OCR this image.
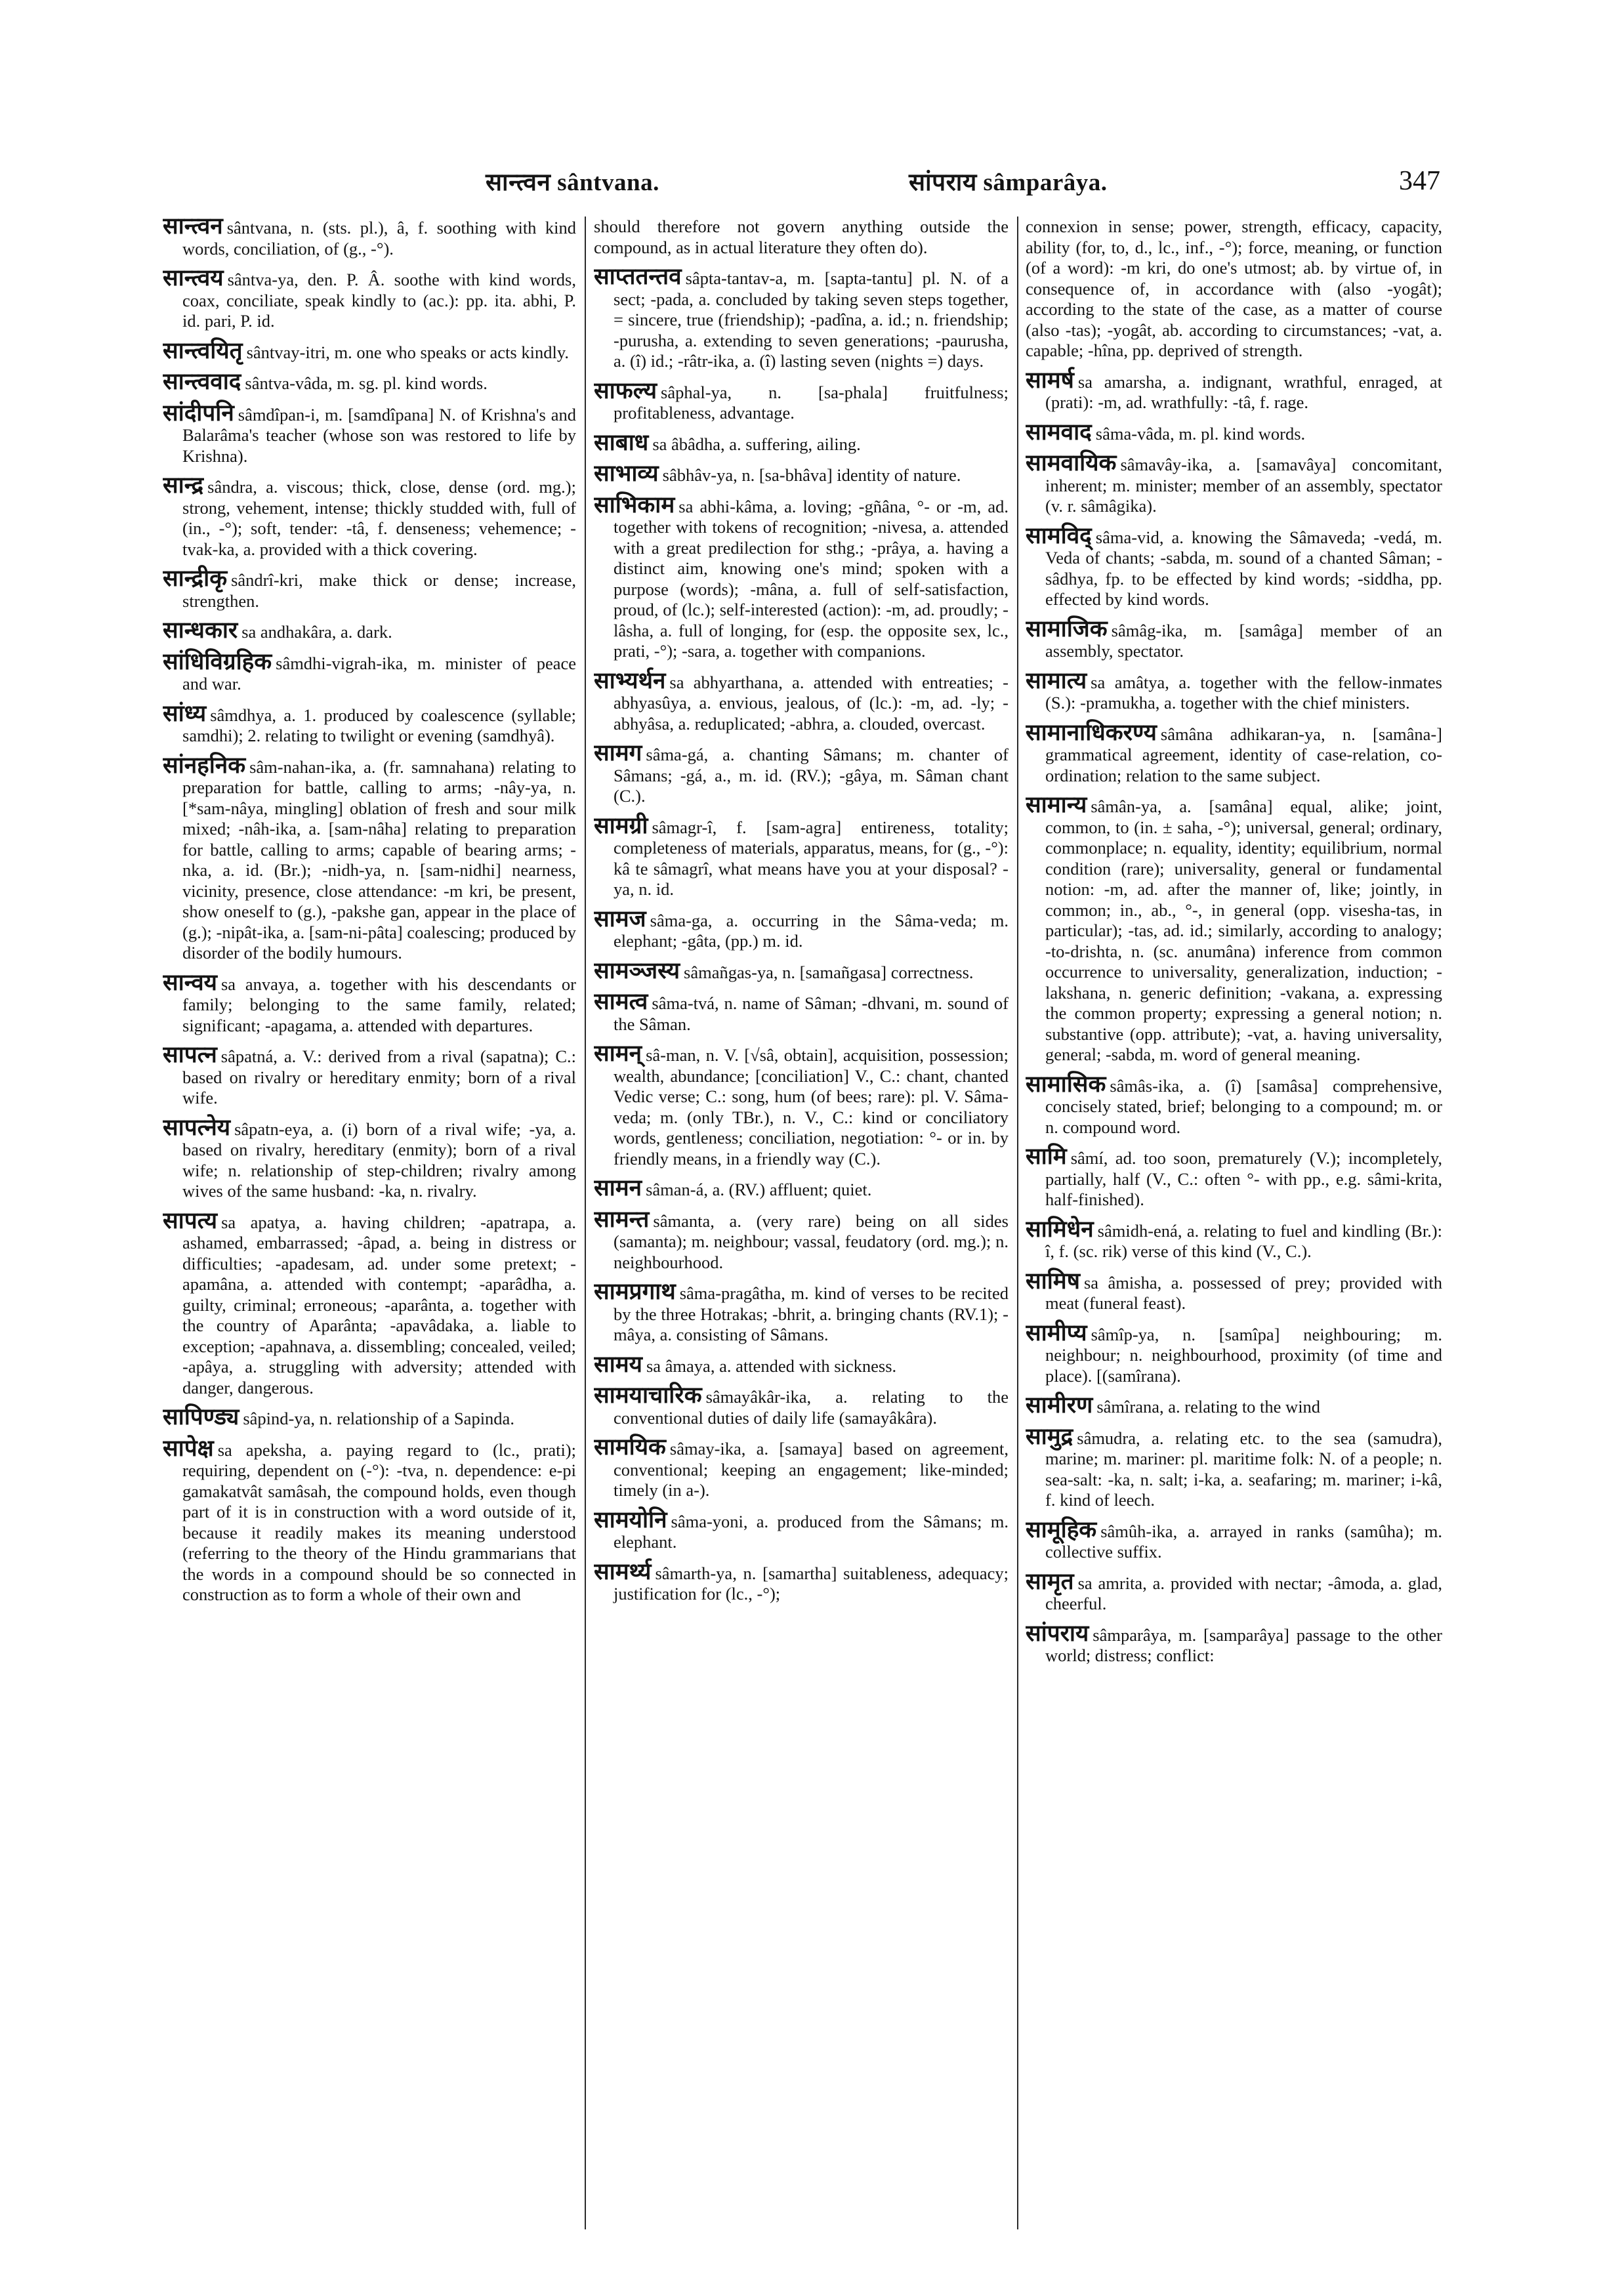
सान्त्वन sântvana.	सांपराय sâmparâya.	347

सान्त्वन sântvana, n. (sts. pl.), â, f. soothing with kind words, conciliation, of (g., -°).

सान्त्वय sântva-ya, den. P. Â. soothe with kind words, coax, conciliate, speak kindly to (ac.): pp. ita. abhi, P. id. pari, P. id.

सान्त्वयितृ sântvay-itri, m. one who speaks or acts kindly.

सान्त्ववाद sântva-vâda, m. sg. pl. kind words.

सांदीपनि sâmdîpan-i, m. [samdîpana] N. of Krishna's and Balarâma's teacher (whose son was restored to life by Krishna).

सान्द्र sândra, a. viscous; thick, close, dense (ord. mg.); strong, vehement, intense; thickly studded with, full of (in., -°); soft, tender: -tâ, f. denseness; vehemence; -tvak-ka, a. provided with a thick covering.

सान्द्रीकृ sândrî-kri, make thick or dense; increase, strengthen.

सान्धकार sa andhakâra, a. dark.

सांधिविग्रहिक sâmdhi-vigrah-ika, m. minister of peace and war.

सांध्य sâmdhya, a. 1. produced by coalescence (syllable; samdhi); 2. relating to twilight or evening (samdhyâ).

सांनहनिक sâm-nahan-ika, a. (fr. samnahana) relating to preparation for battle, calling to arms; -nây-ya, n. [*sam-nâya, mingling] oblation of fresh and sour milk mixed; -nâh-ika, a. [sam-nâha] relating to preparation for battle, calling to arms; capable of bearing arms; -nka, a. id. (Br.); -nidh-ya, n. [sam-nidhi] nearness, vicinity, presence, close attendance: -m kri, be present, show oneself to (g.), -pakshe gan, appear in the place of (g.); -nipât-ika, a. [sam-ni-pâta] coalescing; produced by disorder of the bodily humours.

सान्वय sa anvaya, a. together with his descendants or family; belonging to the same family, related; significant; -apagama, a. attended with departures.

सापत्न sâpatná, a. V.: derived from a rival (sapatna); C.: based on rivalry or hereditary enmity; born of a rival wife.

सापत्नेय sâpatn-eya, a. (i) born of a rival wife; -ya, a. based on rivalry, hereditary (enmity); born of a rival wife; n. relationship of step-children; rivalry among wives of the same husband: -ka, n. rivalry.

सापत्य sa apatya, a. having children; -apatrapa, a. ashamed, embarrassed; -âpad, a. being in distress or difficulties; -apadesam, ad. under some pretext; -apamâna, a. attended with contempt; -aparâdha, a. guilty, criminal; erroneous; -aparânta, a. together with the country of Aparânta; -apavâdaka, a. liable to exception; -apahnava, a. dissembling; concealed, veiled; -apâya, a. struggling with adversity; attended with danger, dangerous.

सापिण्ड्य sâpind-ya, n. relationship of a Sapinda.

सापेक्ष sa apeksha, a. paying regard to (lc., prati); requiring, dependent on (-°): -tva, n. dependence: e-pi gamakatvât samâsah, the compound holds, even though part of it is in construction with a word outside of it, because it readily makes its meaning understood (referring to the theory of the Hindu grammarians that the words in a compound should be so connected in construction as to form a whole of their own and

should therefore not govern anything outside the compound, as in actual literature they often do).

साप्ततन्तव sâpta-tantav-a, m. [sapta-tantu] pl. N. of a sect; -pada, a. concluded by taking seven steps together, = sincere, true (friendship); -padîna, a. id.; n. friendship; -purusha, a. extending to seven generations; -paurusha, a. (î) id.; -râtr-ika, a. (î) lasting seven (nights =) days.

साफल्य sâphal-ya, n. [sa-phala] fruitfulness; profitableness, advantage.

साबाध sa âbâdha, a. suffering, ailing.

साभाव्य sâbhâv-ya, n. [sa-bhâva] identity of nature.

साभिकाम sa abhi-kâma, a. loving; -gñâna, °- or -m, ad. together with tokens of recognition; -nivesa, a. attended with a great predilection for sthg.; -prâya, a. having a distinct aim, knowing one's mind; spoken with a purpose (words); -mâna, a. full of self-satisfaction, proud, of (lc.); self-interested (action): -m, ad. proudly; -lâsha, a. full of longing, for (esp. the opposite sex, lc., prati, -°); -sara, a. together with companions.

साभ्यर्थन sa abhyarthana, a. attended with entreaties; -abhyasûya, a. envious, jealous, of (lc.): -m, ad. -ly; -abhyâsa, a. reduplicated; -abhra, a. clouded, overcast.

सामग sâma-gá, a. chanting Sâmans; m. chanter of Sâmans; -gá, a., m. id. (RV.); -gâya, m. Sâman chant (C.).

सामग्री sâmagr-î, f. [sam-agra] entireness, totality; completeness of materials, apparatus, means, for (g., -°): kâ te sâmagrî, what means have you at your disposal? -ya, n. id.

सामज sâma-ga, a. occurring in the Sâma-veda; m. elephant; -gâta, (pp.) m. id.

सामञ्जस्य sâmañgas-ya, n. [samañgasa] correctness.

सामत्व sâma-tvá, n. name of Sâman; -dhvani, m. sound of the Sâman.

सामन् sâ-man, n. V. [√sâ, obtain], acquisition, possession; wealth, abundance; [conciliation] V., C.: chant, chanted Vedic verse; C.: song, hum (of bees; rare): pl. V. Sâma-veda; m. (only TBr.), n. V., C.: kind or conciliatory words, gentleness; conciliation, negotiation: °- or in. by friendly means, in a friendly way (C.).

सामन sâman-á, a. (RV.) affluent; quiet.

सामन्त sâmanta, a. (very rare) being on all sides (samanta); m. neighbour; vassal, feudatory (ord. mg.); n. neighbourhood.

सामप्रगाथ sâma-pragâtha, m. kind of verses to be recited by the three Hotrakas; -bhrit, a. bringing chants (RV.1); -mâya, a. consisting of Sâmans.

सामय sa âmaya, a. attended with sickness.

सामयाचारिक sâmayâkâr-ika, a. relating to the conventional duties of daily life (samayâkâra).

सामयिक sâmay-ika, a. [samaya] based on agreement, conventional; keeping an engagement; like-minded; timely (in a-).

सामयोनि sâma-yoni, a. produced from the Sâmans; m. elephant.

सामर्थ्य sâmarth-ya, n. [samartha] suitableness, adequacy; justification for (lc., -°);

connexion in sense; power, strength, efficacy, capacity, ability (for, to, d., lc., inf., -°); force, meaning, or function (of a word): -m kri, do one's utmost; ab. by virtue of, in consequence of, in accordance with (also -yogât); according to the state of the case, as a matter of course (also -tas); -yogât, ab. according to circumstances; -vat, a. capable; -hîna, pp. deprived of strength.

सामर्ष sa amarsha, a. indignant, wrathful, enraged, at (prati): -m, ad. wrathfully: -tâ, f. rage.

सामवाद sâma-vâda, m. pl. kind words.

सामवायिक sâmavây-ika, a. [samavâya] concomitant, inherent; m. minister; member of an assembly, spectator (v. r. sâmâgika).

सामविद् sâma-vid, a. knowing the Sâmaveda; -vedá, m. Veda of chants; -sabda, m. sound of a chanted Sâman; -sâdhya, fp. to be effected by kind words; -siddha, pp. effected by kind words.

सामाजिक sâmâg-ika, m. [samâga] member of an assembly, spectator.

सामात्य sa amâtya, a. together with the fellow-inmates (S.): -pramukha, a. together with the chief ministers.

सामानाधिकरण्य sâmâna adhikaran-ya, n. [samâna-] grammatical agreement, identity of case-relation, co-ordination; relation to the same subject.

सामान्य sâmân-ya, a. [samâna] equal, alike; joint, common, to (in. ± saha, -°); universal, general; ordinary, commonplace; n. equality, identity; equilibrium, normal condition (rare); universality, general or fundamental notion: -m, ad. after the manner of, like; jointly, in common; in., ab., °-, in general (opp. visesha-tas, in particular); -tas, ad. id.; similarly, according to analogy; -to-drishta, n. (sc. anumâna) inference from common occurrence to universality, generalization, induction; -lakshana, n. generic definition; -vakana, a. expressing the common property; expressing a general notion; n. substantive (opp. attribute); -vat, a. having universality, general; -sabda, m. word of general meaning.

सामासिक sâmâs-ika, a. (î) [samâsa] comprehensive, concisely stated, brief; belonging to a compound; m. or n. compound word.

सामि sâmí, ad. too soon, prematurely (V.); incompletely, partially, half (V., C.: often °- with pp., e.g. sâmi-krita, half-finished).

सामिधेन sâmidh-ená, a. relating to fuel and kindling (Br.): î, f. (sc. rik) verse of this kind (V., C.).

सामिष sa âmisha, a. possessed of prey; provided with meat (funeral feast).

सामीप्य sâmîp-ya, n. [samîpa] neighbouring; m. neighbour; n. neighbourhood, proximity (of time and place). [(samîrana).

सामीरण sâmîrana, a. relating to the wind

सामुद्र sâmudra, a. relating etc. to the sea (samudra), marine; m. mariner: pl. maritime folk: N. of a people; n. sea-salt: -ka, n. salt; i-ka, a. seafaring; m. mariner; i-kâ, f. kind of leech.

सामूहिक sâmûh-ika, a. arrayed in ranks (samûha); m. collective suffix.

सामृत sa amrita, a. provided with nectar; -âmoda, a. glad, cheerful.

सांपराय sâmparâya, m. [samparâya] passage to the other world; distress; conflict:
